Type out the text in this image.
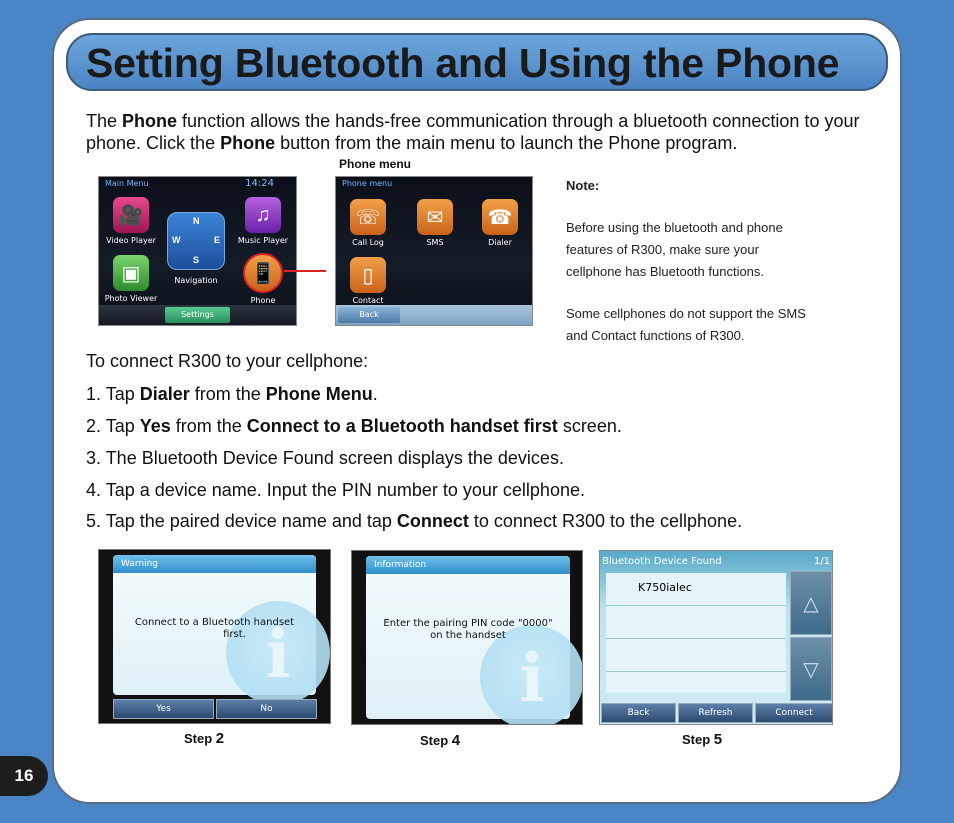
Setting Bluetooth and Using the Phone
The Phone function allows the hands-free communication through a bluetooth connection to your phone. Click the Phone button from the main menu to launch the Phone program.
Phone menu
Main Menu	14:24
🎥
Video Player
♫
Music Player
N
W	E
S
Navigation
▣
Photo Viewer
📱
Phone
Settings
Phone menu
☏
Call Log
✉
SMS
☎
Dialer
▯
Contact
Back
Note:
Before using the bluetooth and phone features of R300, make sure your cellphone has Bluetooth functions.
Some cellphones do not support the SMS and Contact functions of R300.
To connect R300 to your cellphone:
1. Tap Dialer from the Phone Menu.
2. Tap Yes from the Connect to a Bluetooth handset first screen.
3. The Bluetooth Device Found screen displays the devices.
4. Tap a device name. Input the PIN number to your cellphone.
5. Tap the paired device name and tap Connect to connect R300 to the cellphone.
Warning
i
Connect to a Bluetooth handset
first.
Yes	No
Information
i
Enter the pairing PIN code "0000"
on the handset
Bluetooth Device Found	1/1
K750ialec
△
▽
Back	Refresh	Connect
Step 2	Step 4	Step 5
16
